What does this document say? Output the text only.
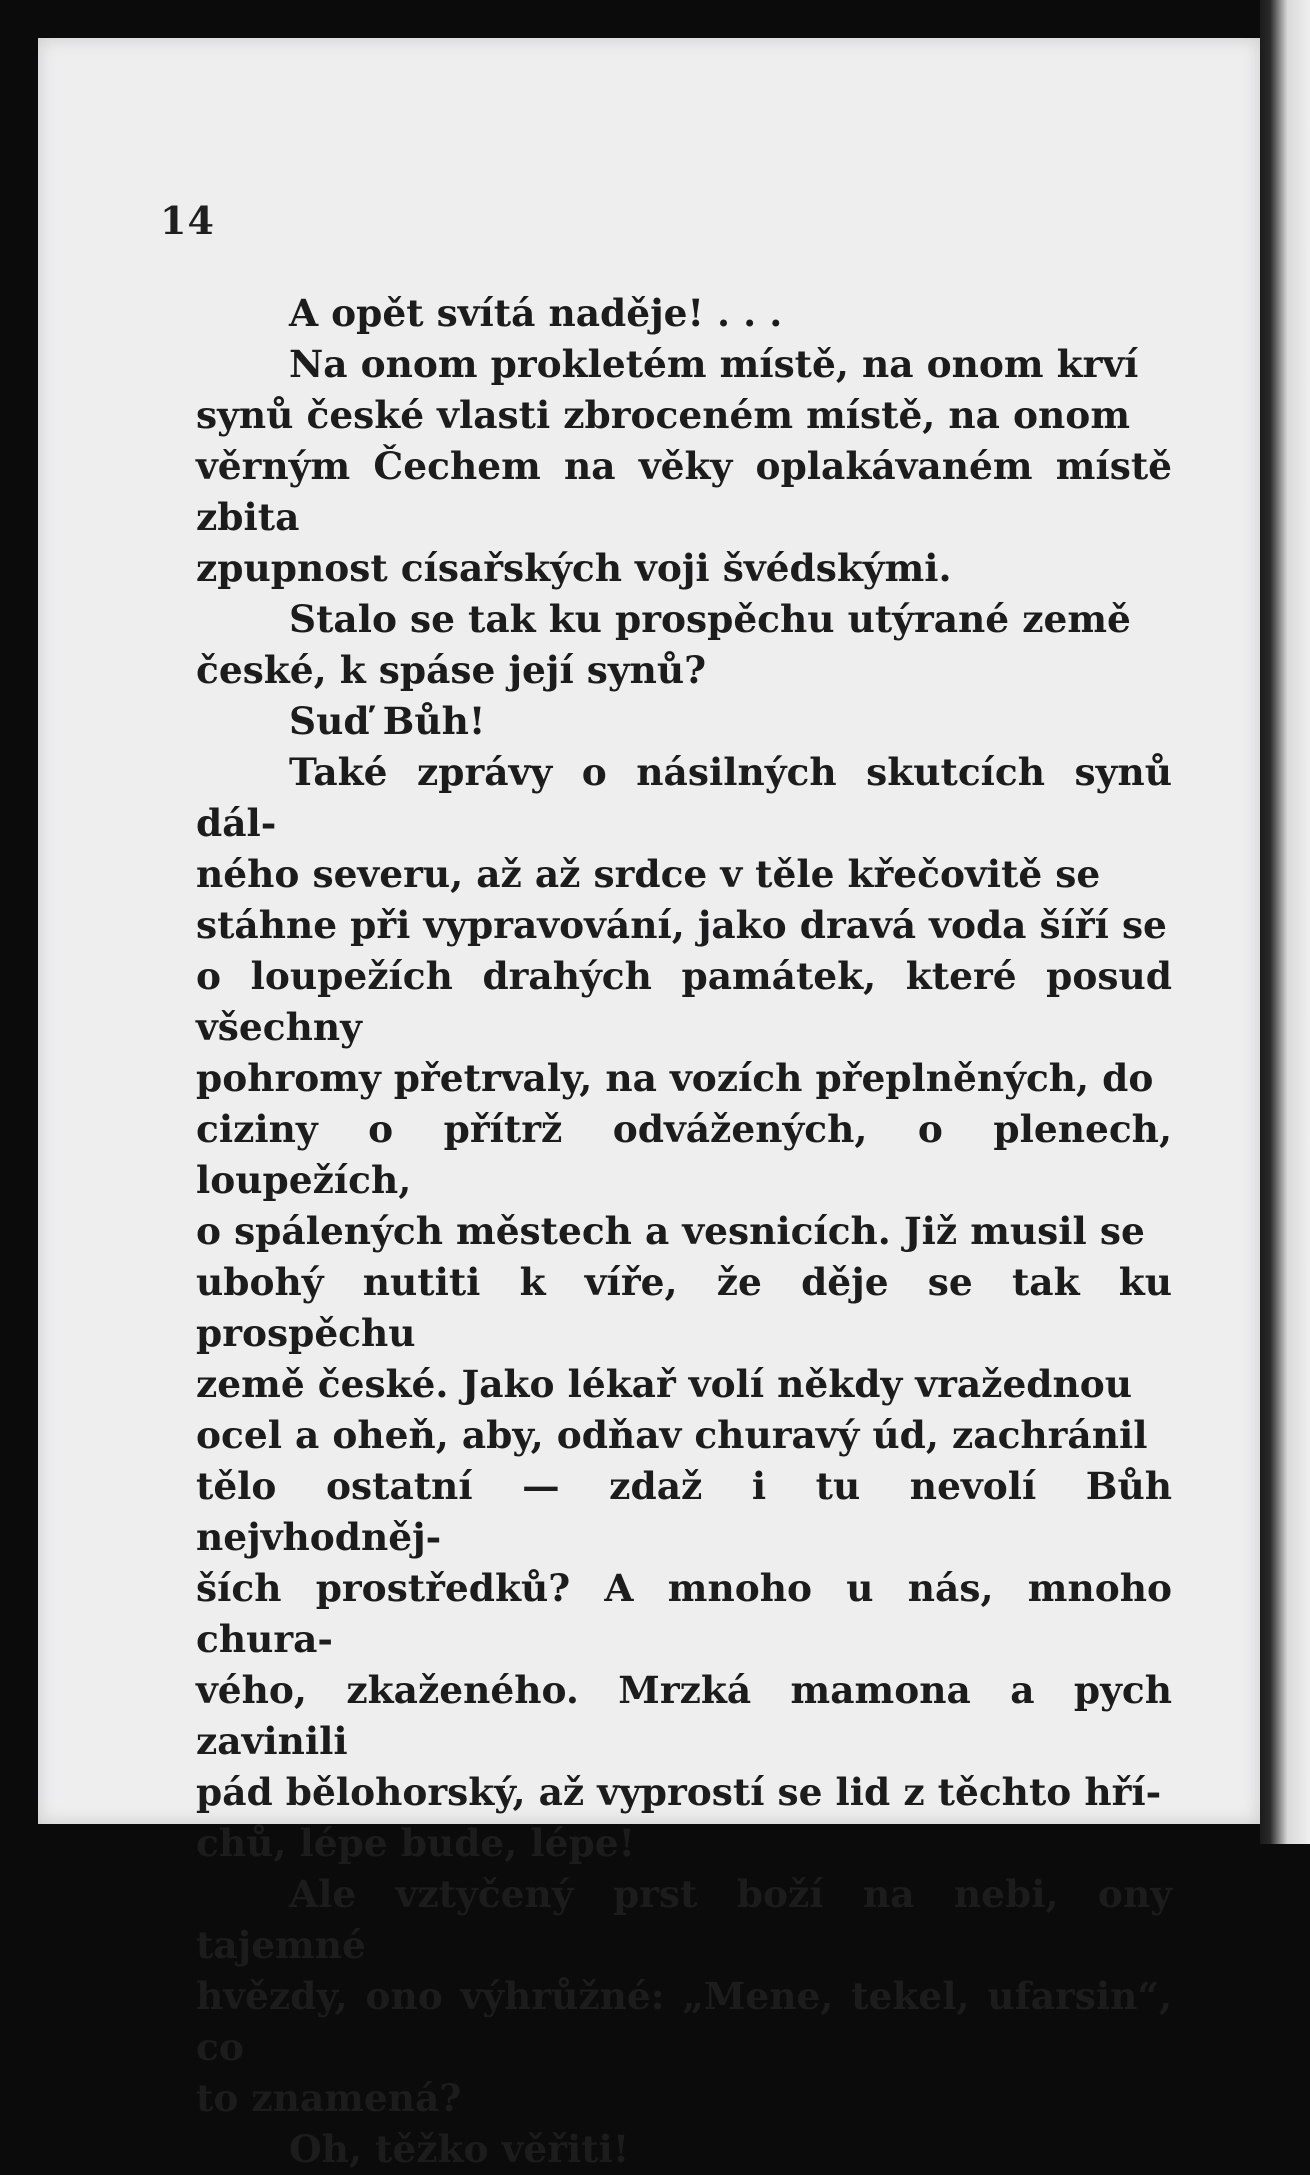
14

A opět svítá naděje! . . .

Na onom prokletém místě, na onom krví
synů české vlasti zbroceném místě, na onom
věrným Čechem na věky oplakávaném místě zbita
zpupnost císařských voji švédskými.

Stalo se tak ku prospěchu utýrané země
české, k spáse její synů?

Suď Bůh!

Také zprávy o násilných skutcích synů dál-
ného severu, až až srdce v těle křečovitě se
stáhne při vypravování, jako dravá voda šíří se
o loupežích drahých památek, které posud všechny
pohromy přetrvaly, na vozích přeplněných, do
ciziny o přítrž odvážených, o plenech, loupežích,
o spálených městech a vesnicích. Již musil se
ubohý nutiti k víře, že děje se tak ku prospěchu
země české. Jako lékař volí někdy vražednou
ocel a oheň, aby, odňav churavý úd, zachránil
tělo ostatní — zdaž i tu nevolí Bůh nejvhodněj-
ších prostředků? A mnoho u nás, mnoho chura-
vého, zkaženého. Mrzká mamona a pych zavinili
pád bělohorský, až vyprostí se lid z těchto hří-
chů, lépe bude, lépe!

Ale vztyčený prst boží na nebi, ony tajemné
hvězdy, ono výhrůžné: „Mene, tekel, ufarsin“, co
to znamená?

Oh, těžko věřiti!
